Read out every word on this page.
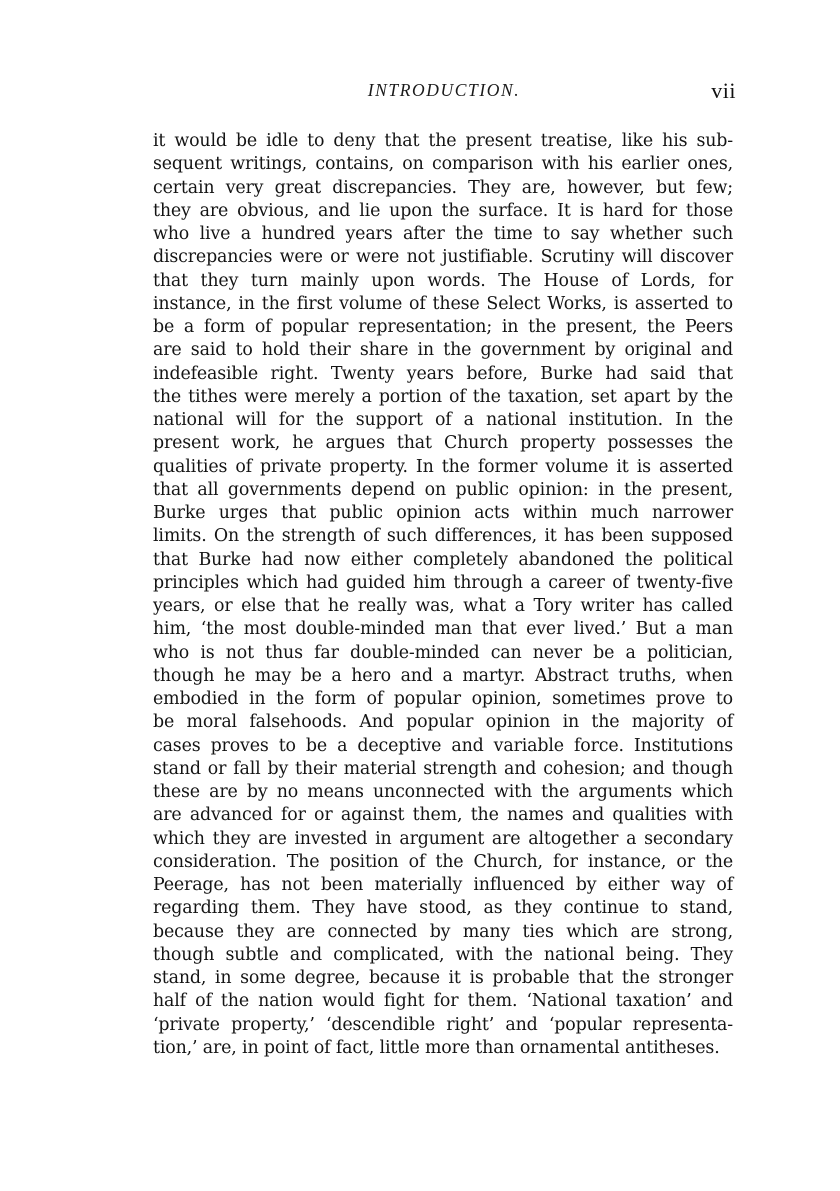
INTRODUCTION.	vii
it would be idle to deny that the present treatise, like his sub-
sequent writings, contains, on comparison with his earlier ones,
certain very great discrepancies. They are, however, but few;
they are obvious, and lie upon the surface. It is hard for those
who live a hundred years after the time to say whether such
discrepancies were or were not justifiable. Scrutiny will discover
that they turn mainly upon words. The House of Lords, for
instance, in the first volume of these Select Works, is asserted to
be a form of popular representation; in the present, the Peers
are said to hold their share in the government by original and
indefeasible right. Twenty years before, Burke had said that
the tithes were merely a portion of the taxation, set apart by the
national will for the support of a national institution. In the
present work, he argues that Church property possesses the
qualities of private property. In the former volume it is asserted
that all governments depend on public opinion: in the present,
Burke urges that public opinion acts within much narrower
limits. On the strength of such differences, it has been supposed
that Burke had now either completely abandoned the political
principles which had guided him through a career of twenty-five
years, or else that he really was, what a Tory writer has called
him, ‘the most double-minded man that ever lived.’ But a man
who is not thus far double-minded can never be a politician,
though he may be a hero and a martyr. Abstract truths, when
embodied in the form of popular opinion, sometimes prove to
be moral falsehoods. And popular opinion in the majority of
cases proves to be a deceptive and variable force. Institutions
stand or fall by their material strength and cohesion; and though
these are by no means unconnected with the arguments which
are advanced for or against them, the names and qualities with
which they are invested in argument are altogether a secondary
consideration. The position of the Church, for instance, or the
Peerage, has not been materially influenced by either way of
regarding them. They have stood, as they continue to stand,
because they are connected by many ties which are strong,
though subtle and complicated, with the national being. They
stand, in some degree, because it is probable that the stronger
half of the nation would fight for them. ‘National taxation’ and
‘private property,’ ‘descendible right’ and ‘popular representa-
tion,’ are, in point of fact, little more than ornamental antitheses.
